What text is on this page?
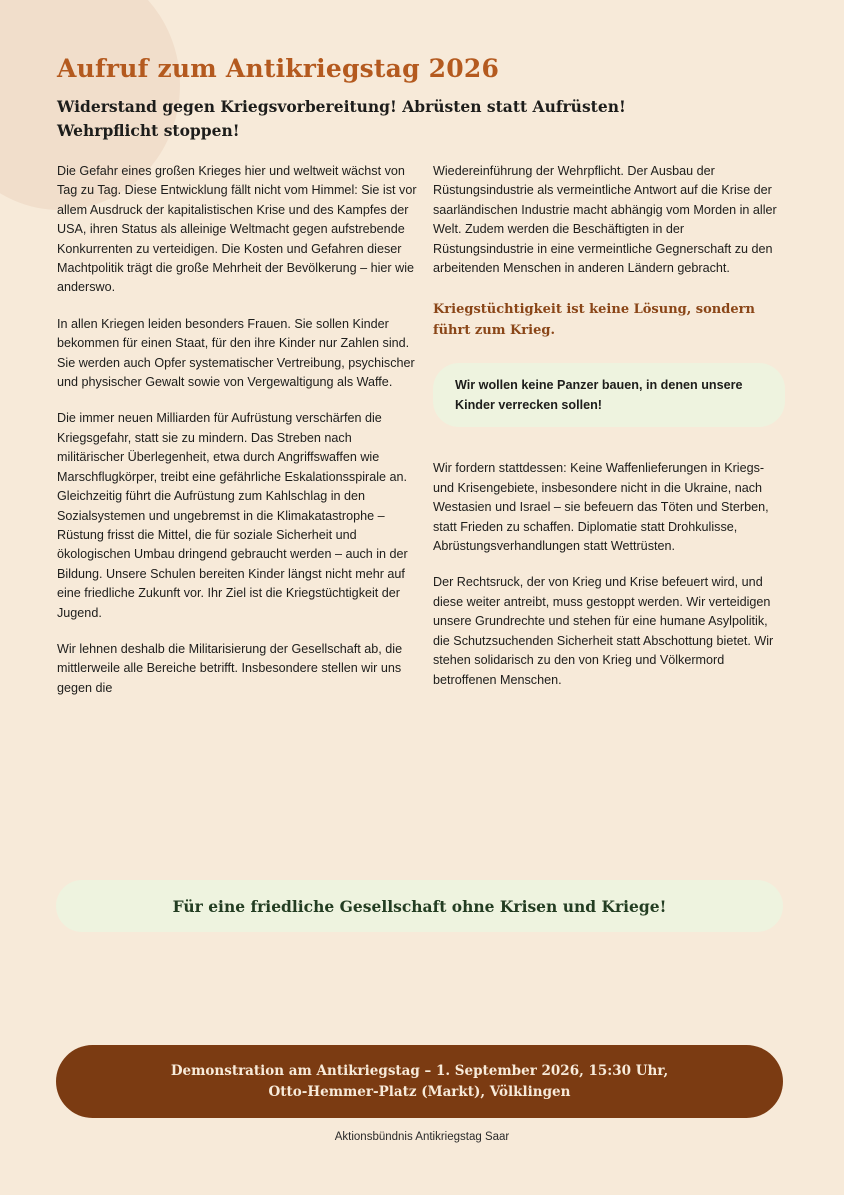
Aufruf zum Antikriegstag 2026
Widerstand gegen Kriegsvorbereitung! Abrüsten statt Aufrüsten!
Wehrpflicht stoppen!

Die Gefahr eines großen Krieges hier und weltweit wächst von Tag zu Tag. Diese Entwicklung fällt nicht vom Himmel: Sie ist vor allem Ausdruck der kapitalistischen Krise und des Kampfes der USA, ihren Status als alleinige Weltmacht gegen aufstrebende Konkurrenten zu verteidigen. Die Kosten und Gefahren dieser Machtpolitik trägt die große Mehrheit der Bevölkerung – hier wie anderswo.

In allen Kriegen leiden besonders Frauen. Sie sollen Kinder bekommen für einen Staat, für den ihre Kinder nur Zahlen sind. Sie werden auch Opfer systematischer Vertreibung, psychischer und physischer Gewalt sowie von Vergewaltigung als Waffe.

Die immer neuen Milliarden für Aufrüstung verschärfen die Kriegsgefahr, statt sie zu mindern. Das Streben nach militärischer Überlegenheit, etwa durch Angriffswaffen wie Marschflugkörper, treibt eine gefährliche Eskalationsspirale an. Gleichzeitig führt die Aufrüstung zum Kahlschlag in den Sozialsystemen und ungebremst in die Klimakatastrophe – Rüstung frisst die Mittel, die für soziale Sicherheit und ökologischen Umbau dringend gebraucht werden – auch in der Bildung. Unsere Schulen bereiten Kinder längst nicht mehr auf eine friedliche Zukunft vor. Ihr Ziel ist die Kriegstüchtigkeit der Jugend.

Wir lehnen deshalb die Militarisierung der Gesellschaft ab, die mittlerweile alle Bereiche betrifft. Insbesondere stellen wir uns gegen die

Wiedereinführung der Wehrpflicht. Der Ausbau der Rüstungsindustrie als vermeintliche Antwort auf die Krise der saarländischen Industrie macht abhängig vom Morden in aller Welt. Zudem werden die Beschäftigten in der Rüstungsindustrie in eine vermeintliche Gegnerschaft zu den arbeitenden Menschen in anderen Ländern gebracht.

Kriegstüchtigkeit ist keine Lösung, sondern führt zum Krieg.
Wir wollen keine Panzer bauen, in denen unsere Kinder verrecken sollen!

Wir fordern stattdessen: Keine Waffenlieferungen in Kriegs- und Krisengebiete, insbesondere nicht in die Ukraine, nach Westasien und Israel – sie befeuern das Töten und Sterben, statt Frieden zu schaffen. Diplomatie statt Drohkulisse, Abrüstungsverhandlungen statt Wettrüsten.

Der Rechtsruck, der von Krieg und Krise befeuert wird, und diese weiter antreibt, muss gestoppt werden. Wir verteidigen unsere Grundrechte und stehen für eine humane Asylpolitik, die Schutzsuchenden Sicherheit statt Abschottung bietet. Wir stehen solidarisch zu den von Krieg und Völkermord betroffenen Menschen.

Für eine friedliche Gesellschaft ohne Krisen und Kriege!
Demonstration am Antikriegstag – 1. September 2026, 15:30 Uhr,
Otto-Hemmer-Platz (Markt), Völklingen
Aktionsbündnis Antikriegstag Saar
